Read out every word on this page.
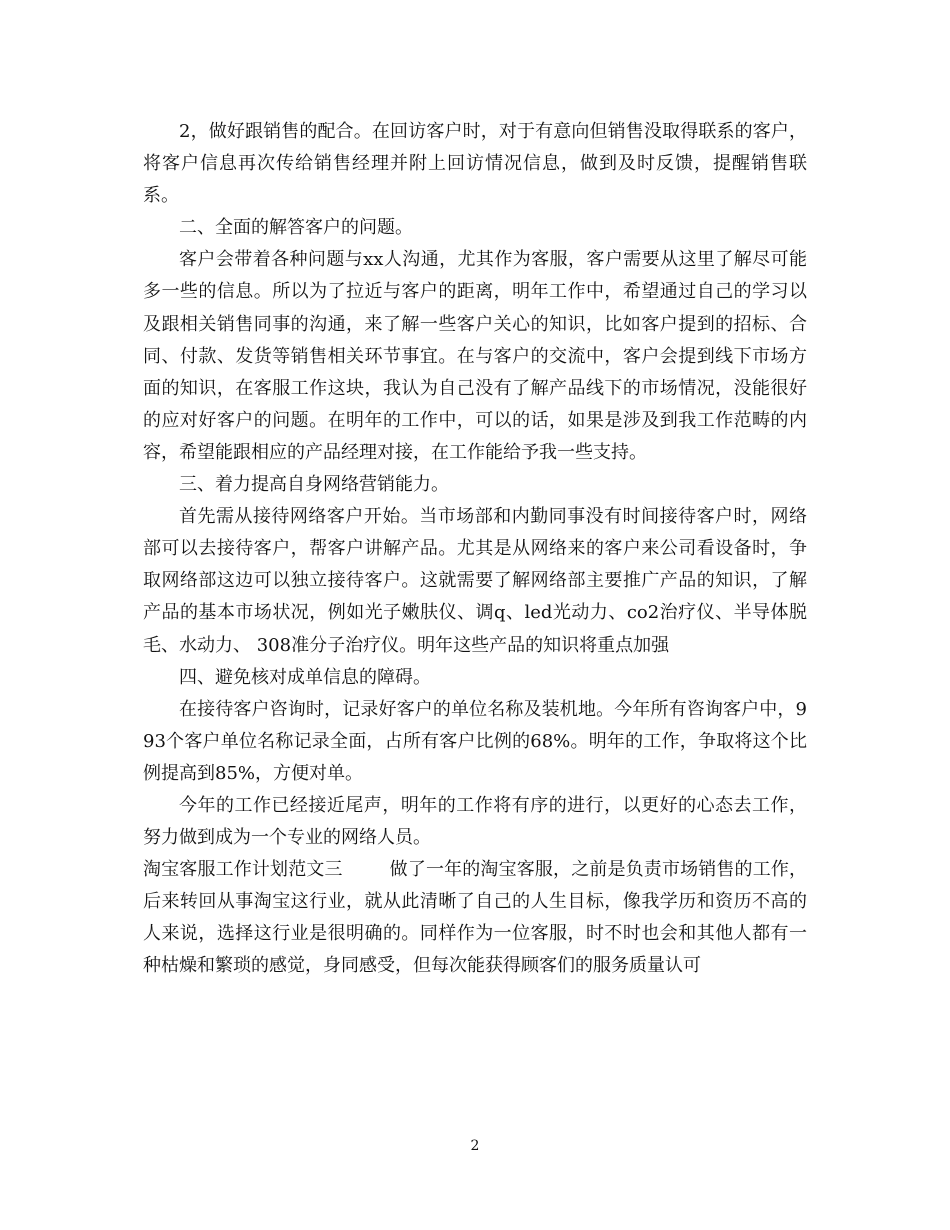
2，做好跟销售的配合。在回访客户时，对于有意向但销售没取得联系的客户，将客户信息再次传给销售经理并附上回访情况信息，做到及时反馈，提醒销售联系。

二、全面的解答客户的问题。

客户会带着各种问题与xx人沟通，尤其作为客服，客户需要从这里了解尽可能多一些的信息。所以为了拉近与客户的距离，明年工作中，希望通过自己的学习以及跟相关销售同事的沟通，来了解一些客户关心的知识，比如客户提到的招标、合同、付款、发货等销售相关环节事宜。在与客户的交流中，客户会提到线下市场方面的知识，在客服工作这块，我认为自己没有了解产品线下的市场情况，没能很好的应对好客户的问题。在明年的工作中，可以的话，如果是涉及到我工作范畴的内容，希望能跟相应的产品经理对接，在工作能给予我一些支持。

三、着力提高自身网络营销能力。

首先需从接待网络客户开始。当市场部和内勤同事没有时间接待客户时，网络部可以去接待客户，帮客户讲解产品。尤其是从网络来的客户来公司看设备时，争取网络部这边可以独立接待客户。这就需要了解网络部主要推广产品的知识，了解产品的基本市场状况，例如光子嫩肤仪、调q、led光动力、co2治疗仪、半导体脱毛、水动力、 308准分子治疗仪。明年这些产品的知识将重点加强

四、避免核对成单信息的障碍。

在接待客户咨询时，记录好客户的单位名称及装机地。今年所有咨询客户中，993个客户单位名称记录全面，占所有客户比例的68%。明年的工作，争取将这个比例提高到85%，方便对单。

今年的工作已经接近尾声，明年的工作将有序的进行，以更好的心态去工作，努力做到成为一个专业的网络人员。

淘宝客服工作计划范文三	做了一年的淘宝客服，之前是负责市场销售的工作，后来转回从事淘宝这行业，就从此清晰了自己的人生目标，像我学历和资历不高的人来说，选择这行业是很明确的。同样作为一位客服，时不时也会和其他人都有一种枯燥和繁琐的感觉，身同感受，但每次能获得顾客们的服务质量认可

2
